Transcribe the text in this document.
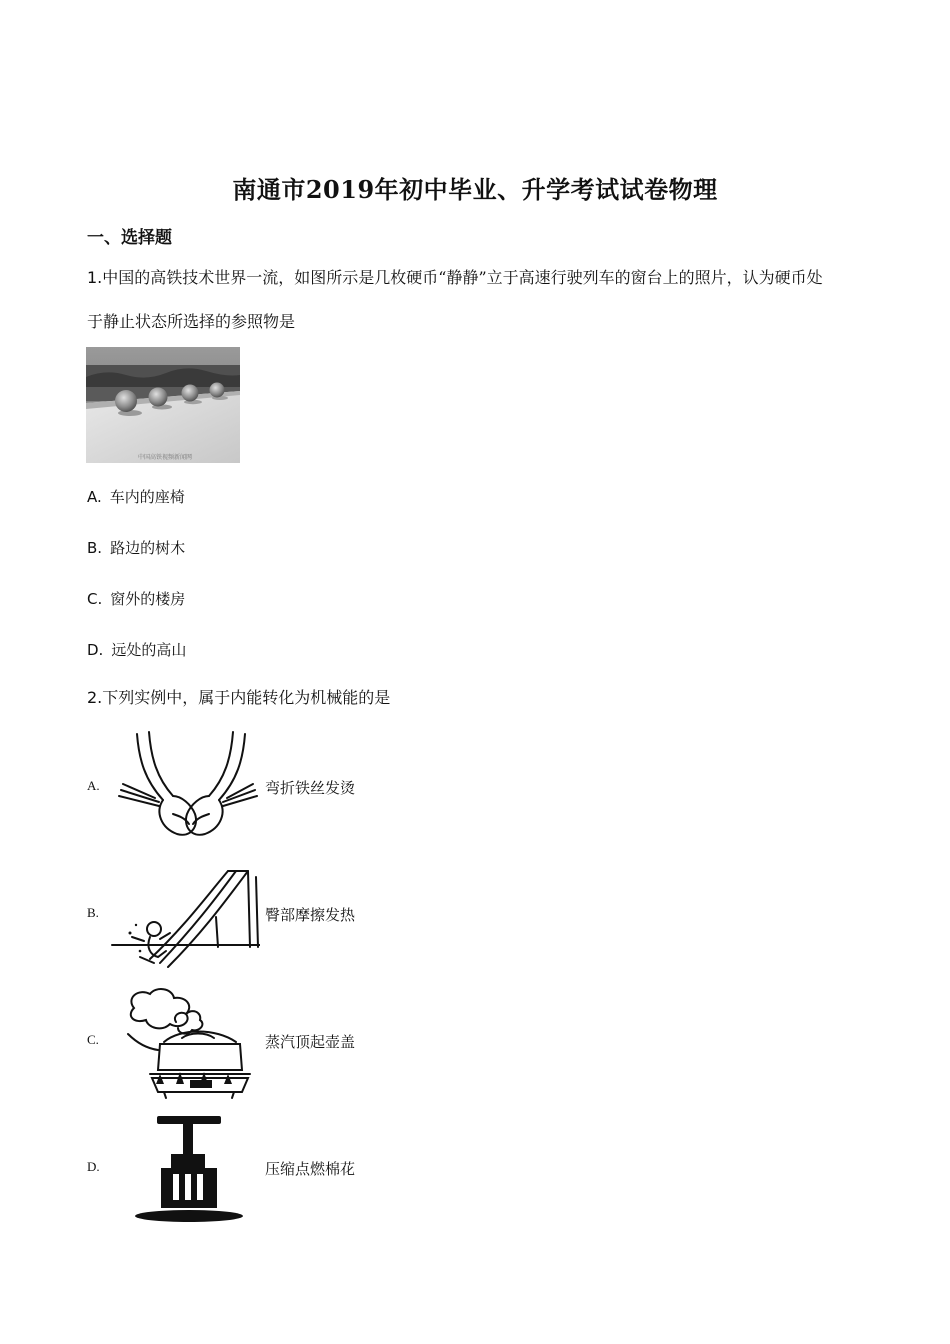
南通市2019年初中毕业、升学考试试卷物理
一、选择题
1.中国的高铁技术世界一流，如图所示是几枚硬币“静静”立于高速行驶列车的窗台上的照片，认为硬币处
于静止状态所选择的参照物是
中国高铁视频新闻网
A. 车内的座椅
B. 路边的树木
C. 窗外的楼房
D. 远处的高山
2.下列实例中，属于内能转化为机械能的是
A.	弯折铁丝发烫
B.	臀部摩擦发热
C.	蒸汽顶起壶盖
D.	压缩点燃棉花
